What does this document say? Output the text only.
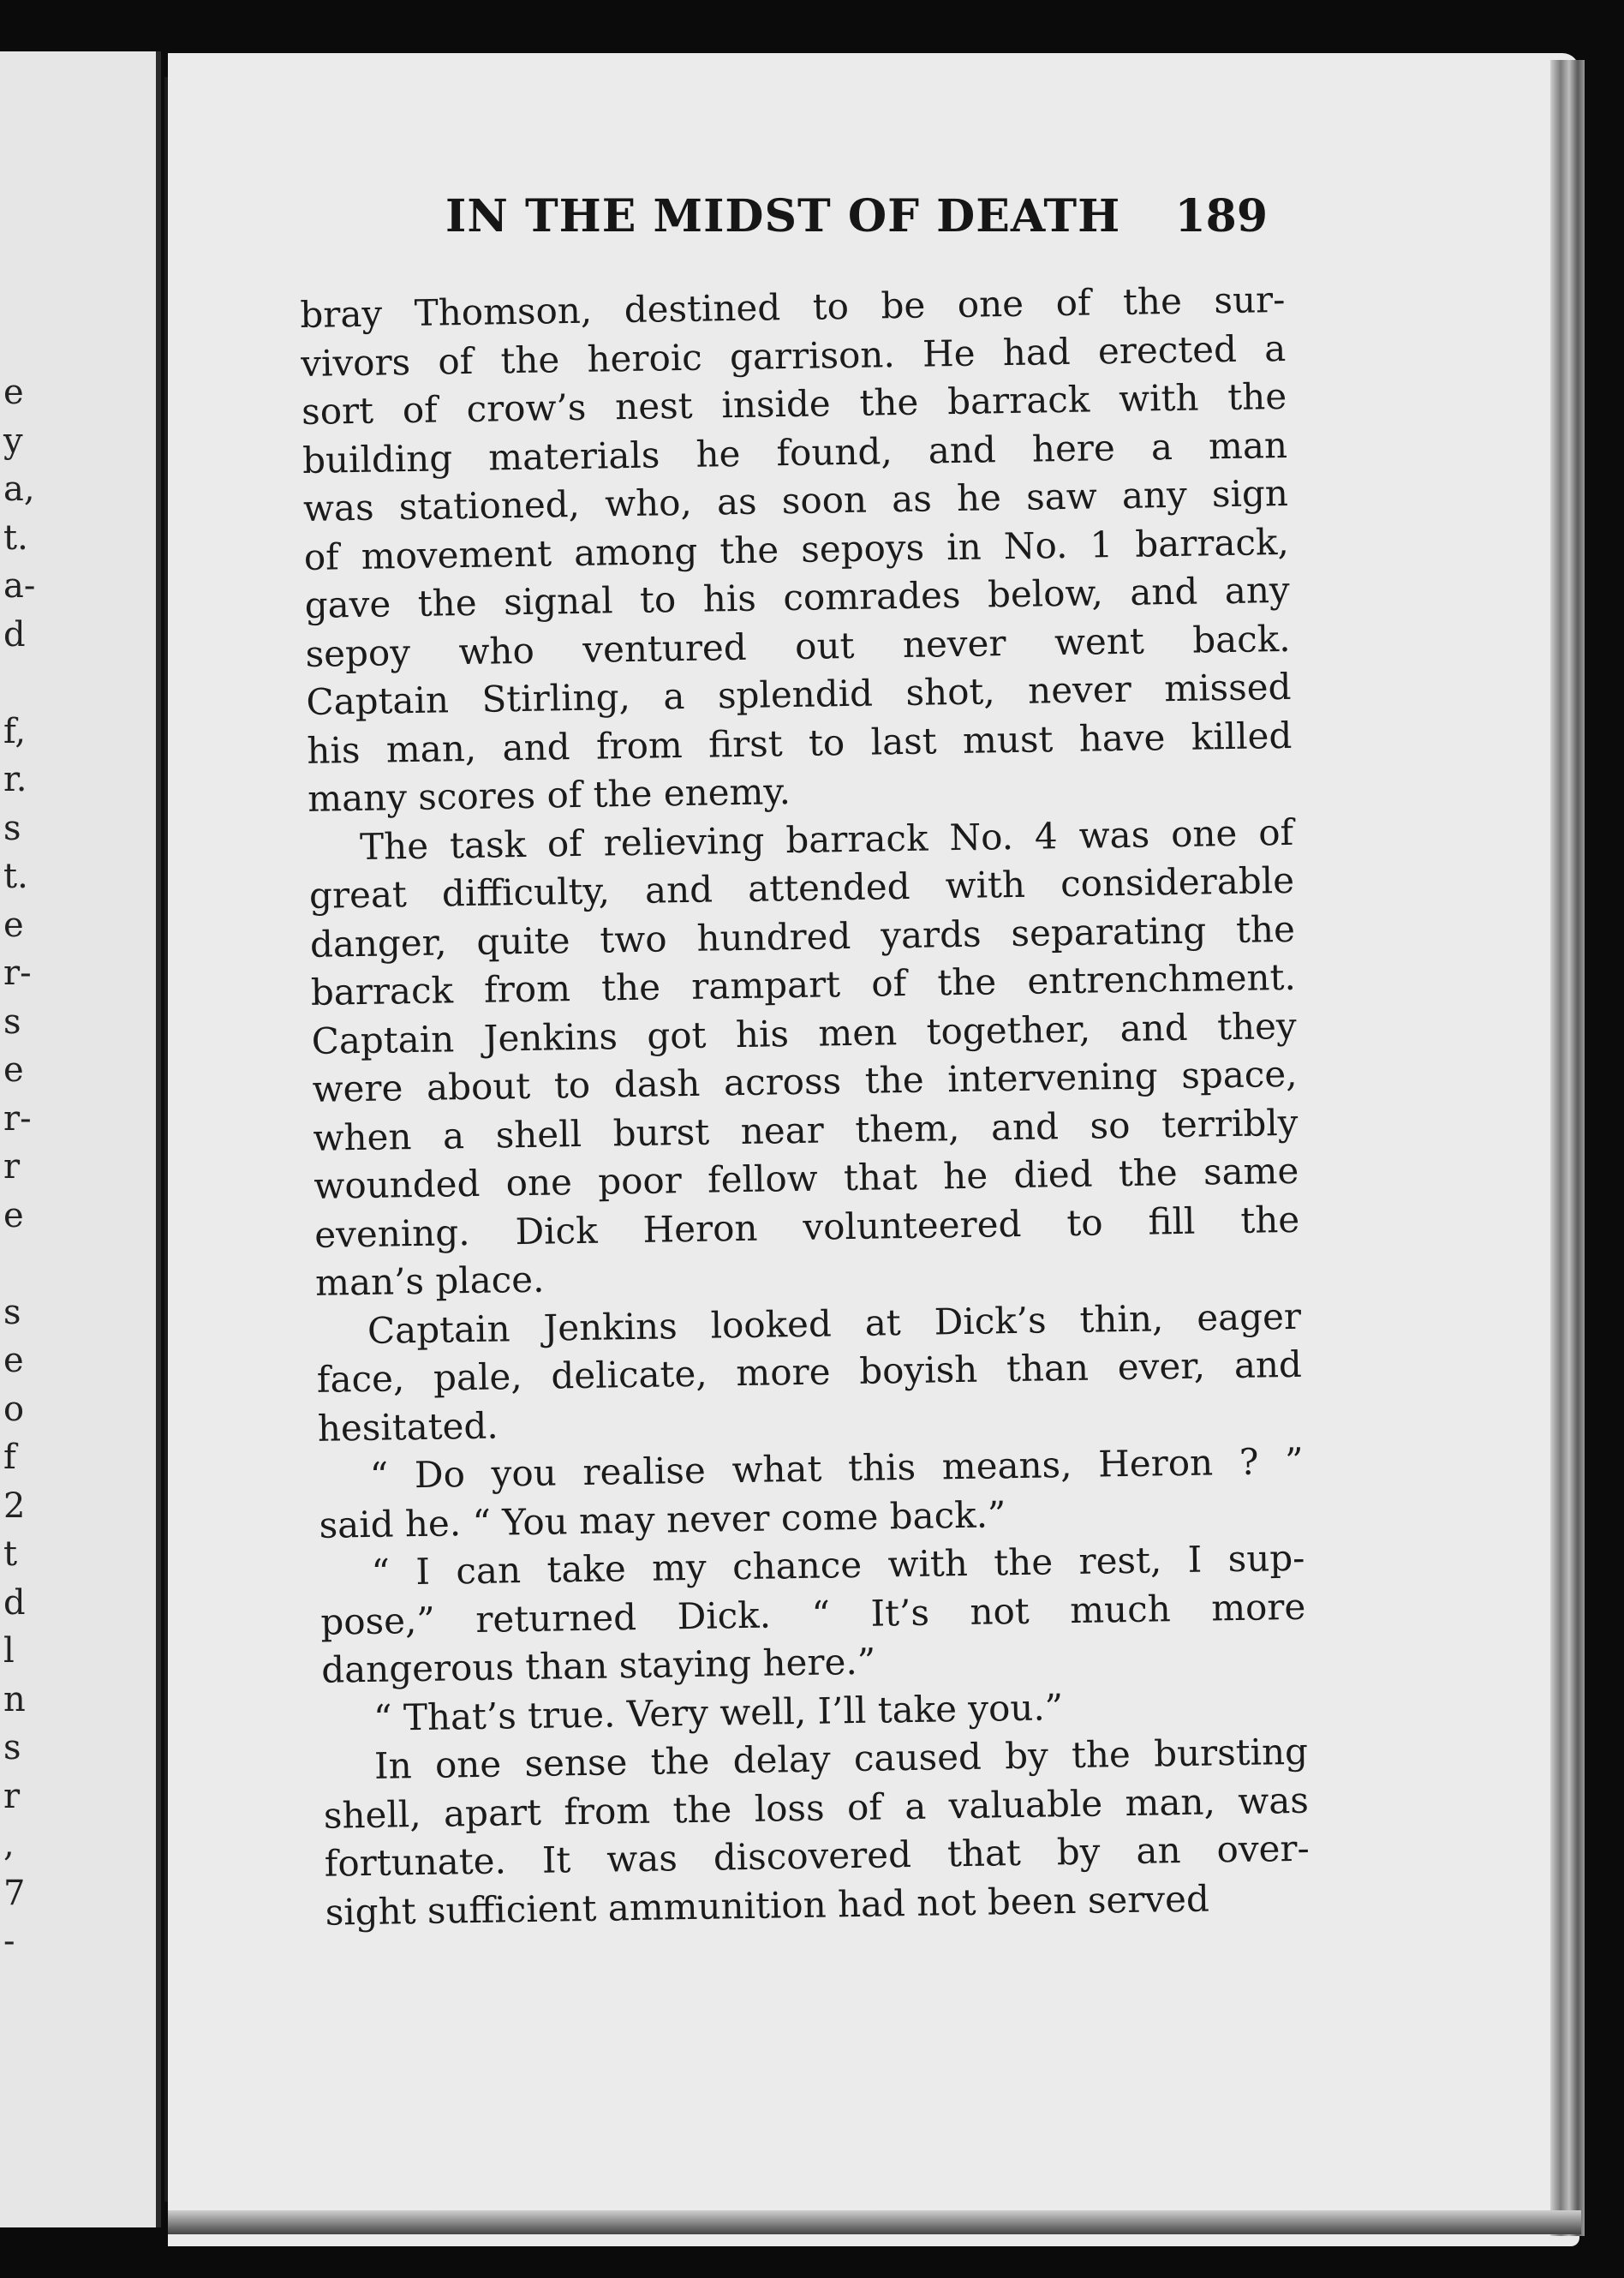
e
y
a,
t.
a-
d
f,
r.
s
t.
e
r-
s
e
r-
r
e
s
e
o
f
2
t
d
l
n
s
r
,
7
-
IN THE MIDST OF DEATH 189
bray Thomson, destined to be one of the sur-
vivors of the heroic garrison. He had erected a
sort of crow’s nest inside the barrack with the
building materials he found, and here a man
was stationed, who, as soon as he saw any sign
of movement among the sepoys in No. 1 barrack,
gave the signal to his comrades below, and any
sepoy who ventured out never went back.
Captain Stirling, a splendid shot, never missed
his man, and from first to last must have killed
many scores of the enemy.
The task of relieving barrack No. 4 was one of
great difficulty, and attended with considerable
danger, quite two hundred yards separating the
barrack from the rampart of the entrenchment.
Captain Jenkins got his men together, and they
were about to dash across the intervening space,
when a shell burst near them, and so terribly
wounded one poor fellow that he died the same
evening. Dick Heron volunteered to fill the
man’s place.
Captain Jenkins looked at Dick’s thin, eager
face, pale, delicate, more boyish than ever, and
hesitated.
“ Do you realise what this means, Heron ? ”
said he. “ You may never come back.”
“ I can take my chance with the rest, I sup-
pose,” returned Dick. “ It’s not much more
dangerous than staying here.”
“ That’s true. Very well, I’ll take you.”
In one sense the delay caused by the bursting
shell, apart from the loss of a valuable man, was
fortunate. It was discovered that by an over-
sight sufficient ammunition had not been served
